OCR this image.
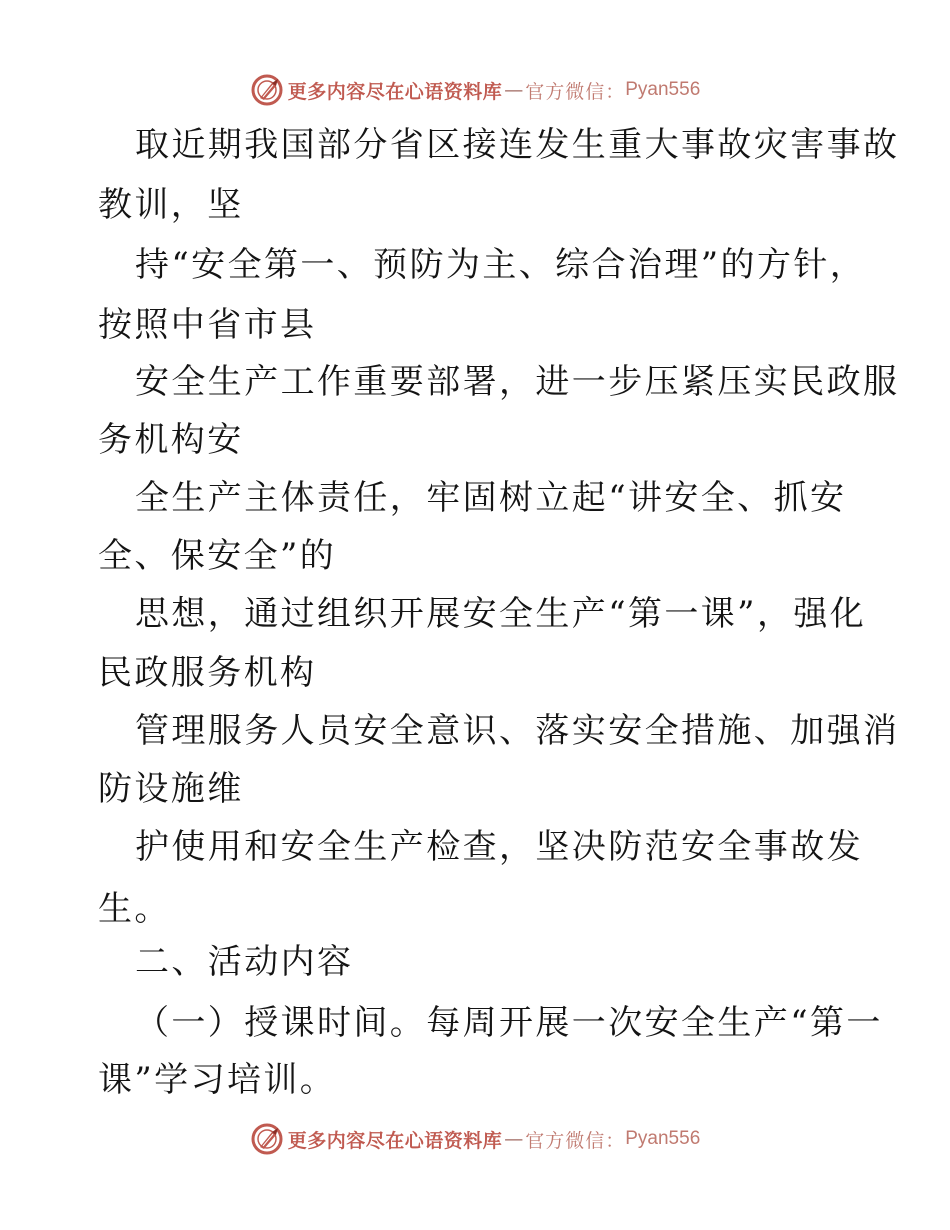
更多内容尽在心语资料库 — 官方微信： Pyan556
取近期我国部分省区接连发生重大事故灾害事故
教训，坚
持“安全第一、预防为主、综合治理”的方针，
按照中省市县
安全生产工作重要部署，进一步压紧压实民政服
务机构安
全生产主体责任，牢固树立起“讲安全、抓安
全、保安全”的
思想，通过组织开展安全生产“第一课”，强化
民政服务机构
管理服务人员安全意识、落实安全措施、加强消
防设施维
护使用和安全生产检查，坚决防范安全事故发
生。
二、活动内容
（一）授课时间。每周开展一次安全生产“第一
课”学习培训。
更多内容尽在心语资料库 — 官方微信： Pyan556
